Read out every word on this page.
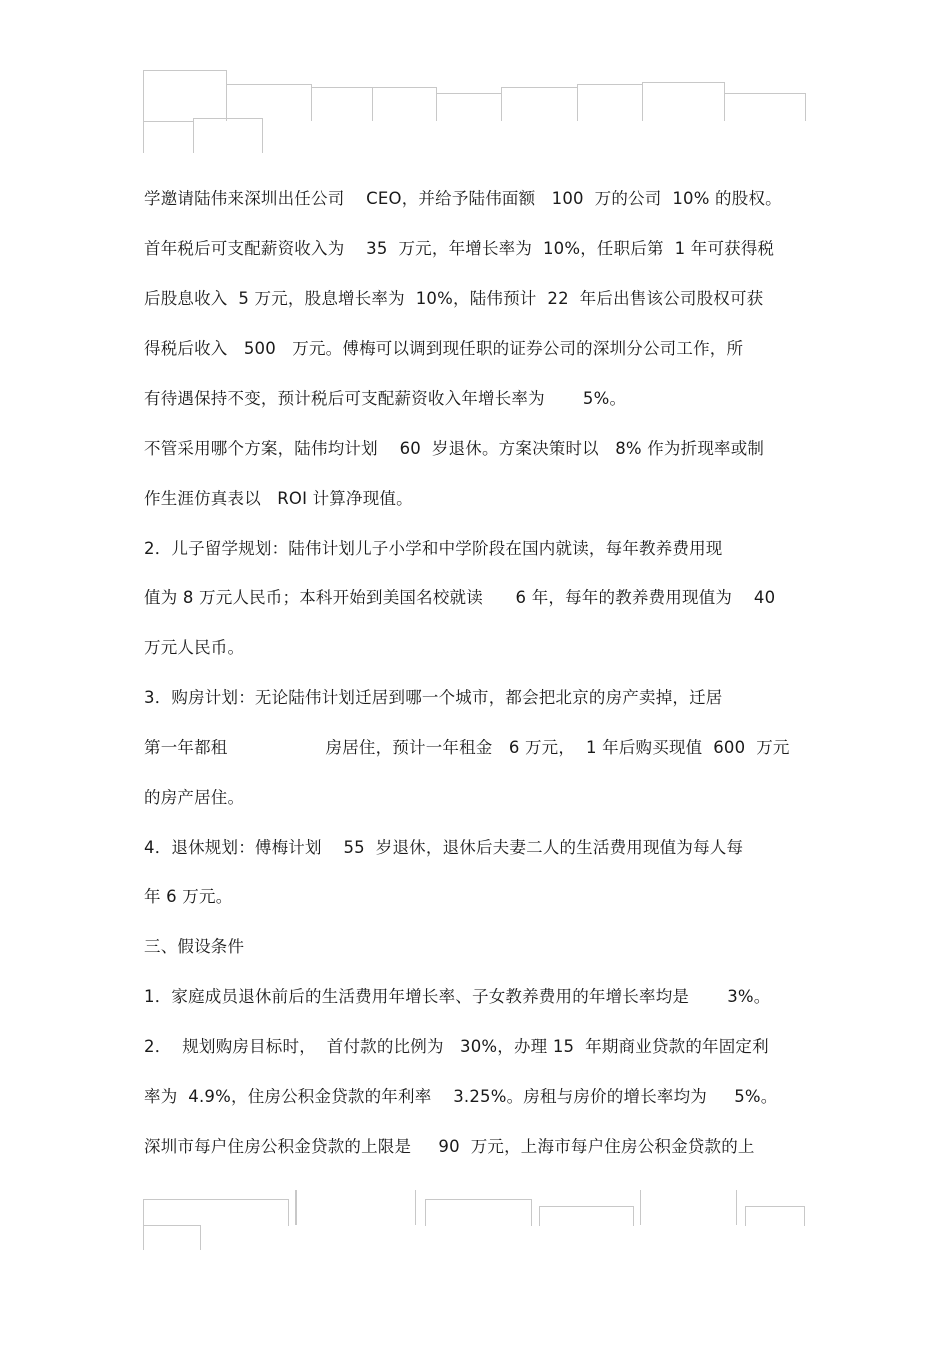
学邀请陆伟来深圳出任公司    CEO，并给予陆伟面额   100  万的公司  10% 的股权。
首年税后可支配薪资收入为    35  万元，年增长率为  10%，任职后第  1 年可获得税
后股息收入  5 万元，股息增长率为  10%，陆伟预计  22  年后出售该公司股权可获
得税后收入   500   万元。傅梅可以调到现任职的证券公司的深圳分公司工作，所
有待遇保持不变，预计税后可支配薪资收入年增长率为       5%。
不管采用哪个方案，陆伟均计划    60  岁退休。方案决策时以   8% 作为折现率或制
作生涯仿真表以   ROI 计算净现值。
2．儿子留学规划：陆伟计划儿子小学和中学阶段在国内就读，每年教养费用现
值为 8 万元人民币；本科开始到美国名校就读      6 年，每年的教养费用现值为    40
万元人民币。
3．购房计划：无论陆伟计划迁居到哪一个城市，都会把北京的房产卖掉，迁居
第一年都租                  房居住，预计一年租金   6 万元，  1 年后购买现值  600  万元
的房产居住。
4．退休规划：傅梅计划    55  岁退休，退休后夫妻二人的生活费用现值为每人每
年 6 万元。
三、假设条件
1．家庭成员退休前后的生活费用年增长率、子女教养费用的年增长率均是       3%。
2．  规划购房目标时，  首付款的比例为   30%，办理 15  年期商业贷款的年固定利
率为  4.9%，住房公积金贷款的年利率    3.25%。房租与房价的增长率均为     5%。
深圳市每户住房公积金贷款的上限是     90  万元，上海市每户住房公积金贷款的上
